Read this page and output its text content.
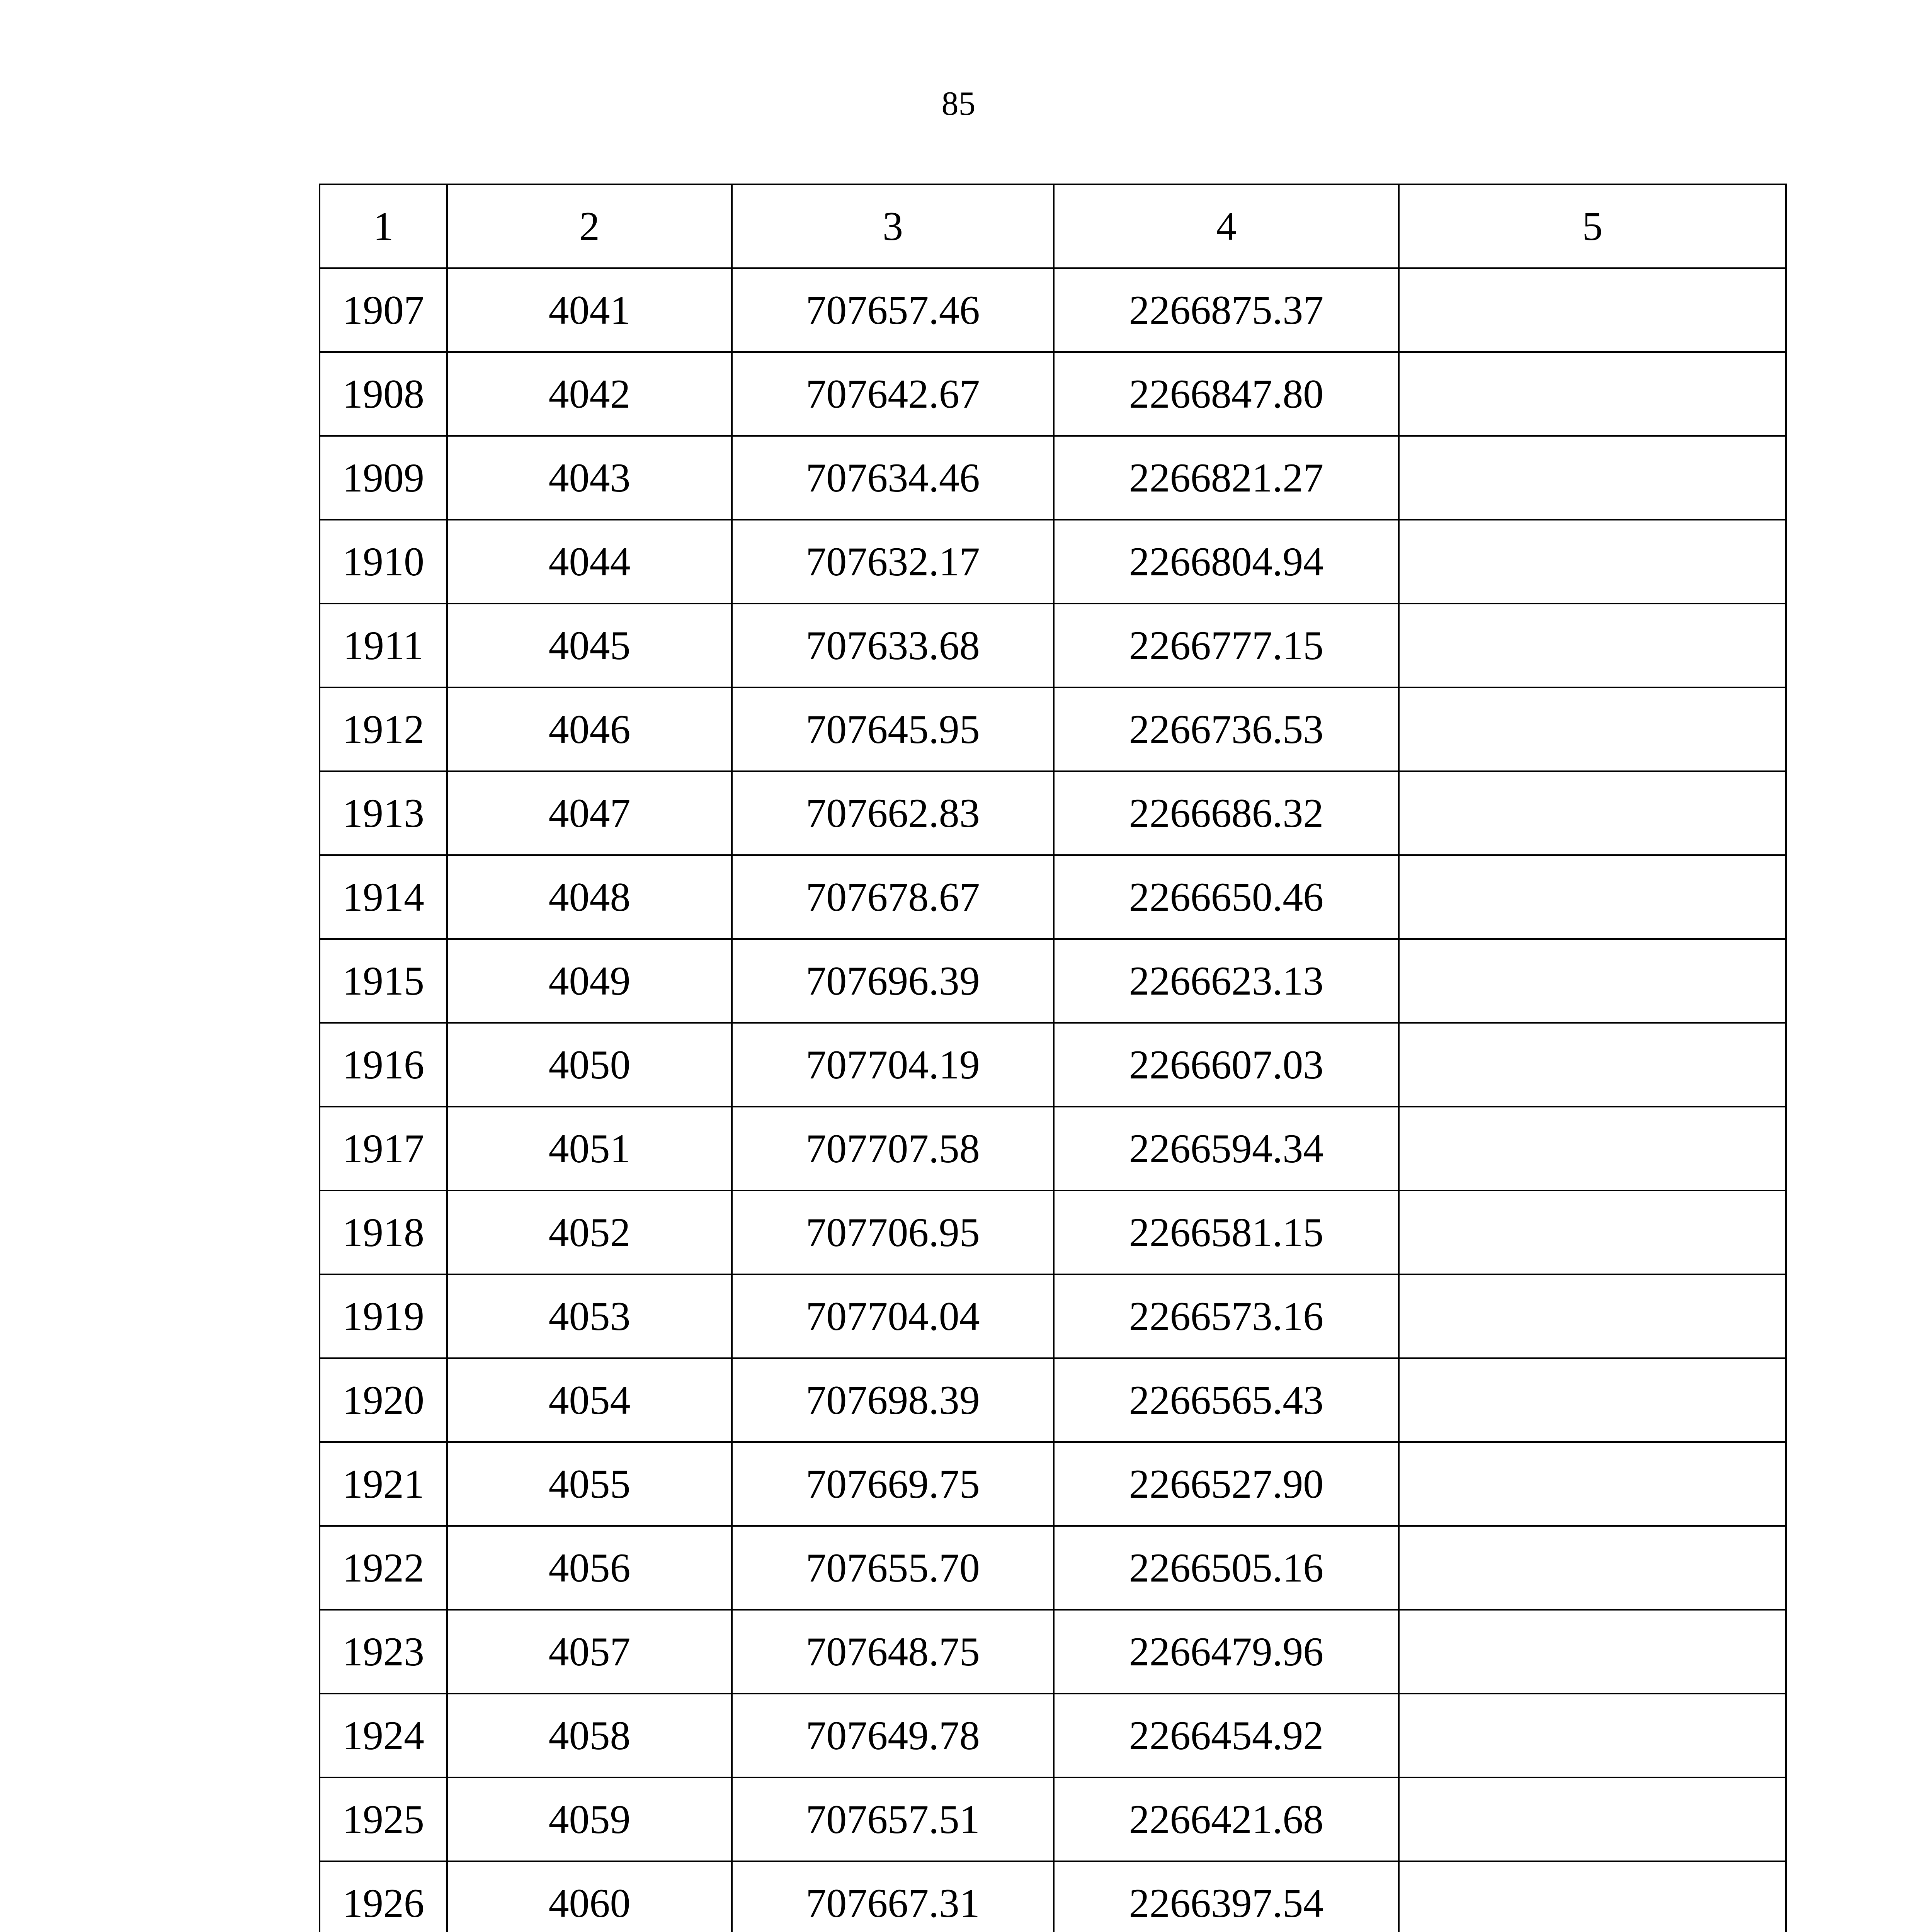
85
1	2	3	4	5
1907	4041	707657.46	2266875.37	
1908	4042	707642.67	2266847.80	
1909	4043	707634.46	2266821.27	
1910	4044	707632.17	2266804.94	
1911	4045	707633.68	2266777.15	
1912	4046	707645.95	2266736.53	
1913	4047	707662.83	2266686.32	
1914	4048	707678.67	2266650.46	
1915	4049	707696.39	2266623.13	
1916	4050	707704.19	2266607.03	
1917	4051	707707.58	2266594.34	
1918	4052	707706.95	2266581.15	
1919	4053	707704.04	2266573.16	
1920	4054	707698.39	2266565.43	
1921	4055	707669.75	2266527.90	
1922	4056	707655.70	2266505.16	
1923	4057	707648.75	2266479.96	
1924	4058	707649.78	2266454.92	
1925	4059	707657.51	2266421.68	
1926	4060	707667.31	2266397.54	
